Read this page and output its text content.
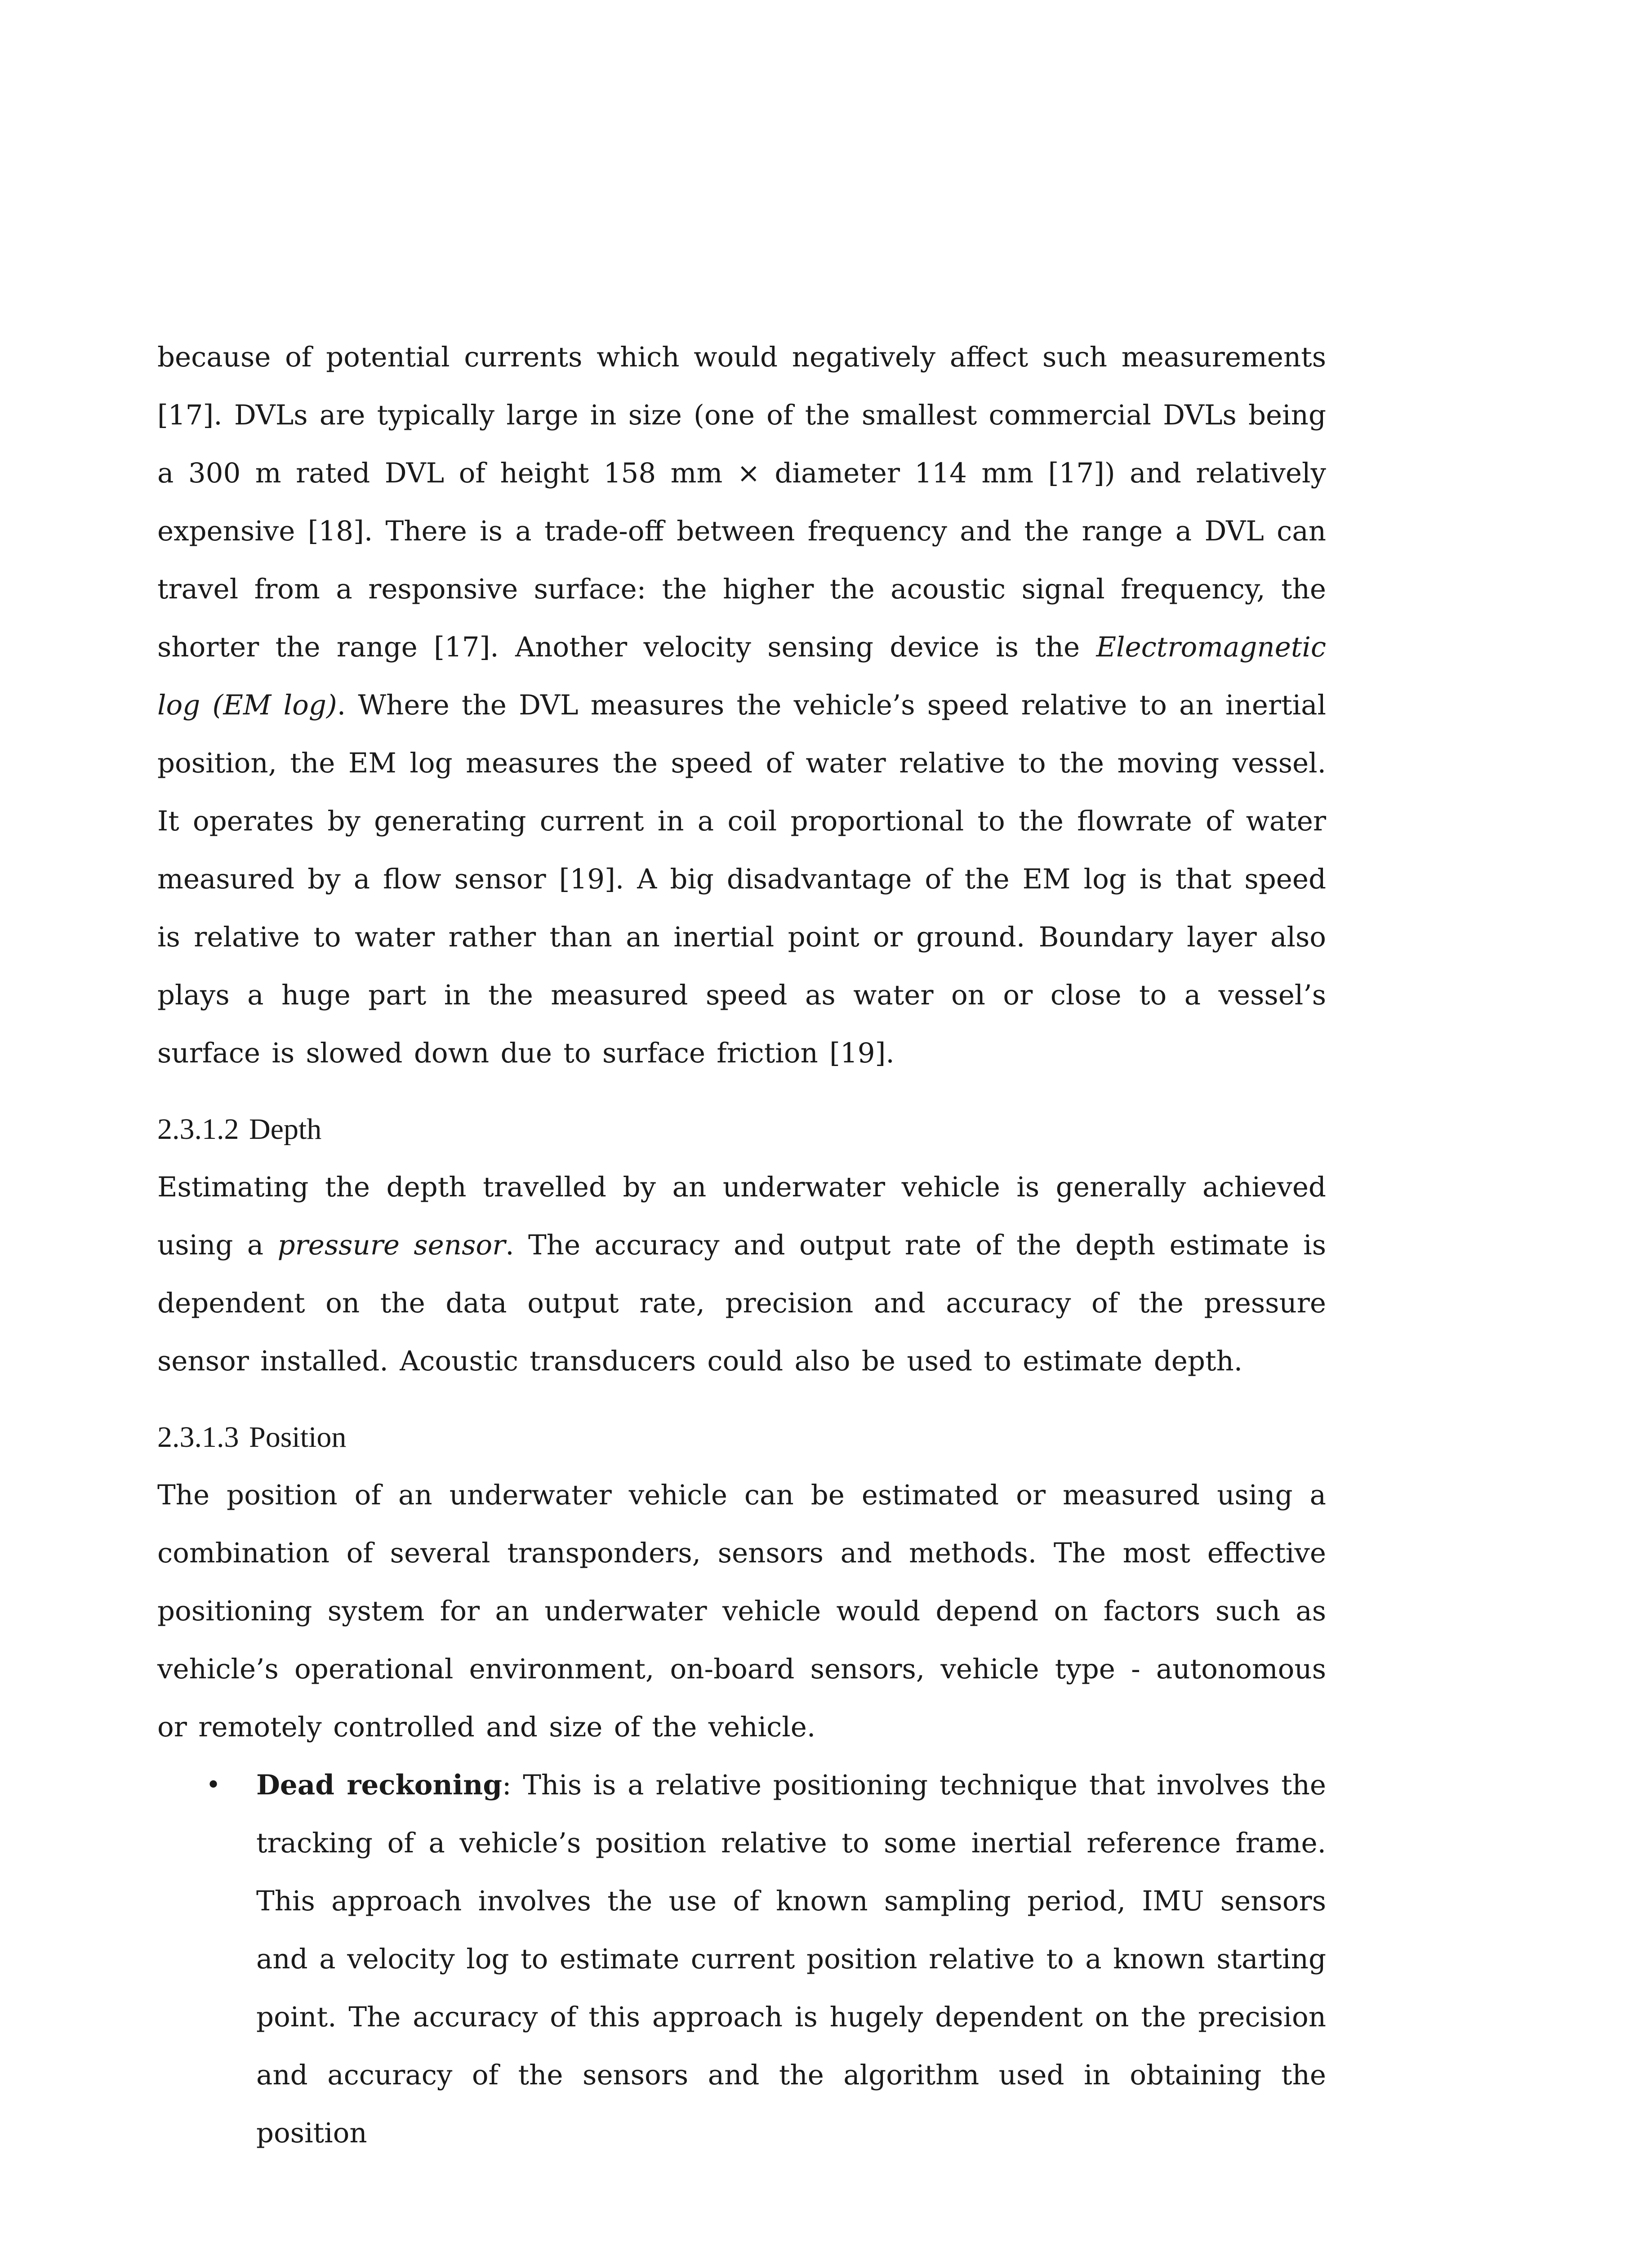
because of potential currents which would negatively affect such measurements [17]. DVLs are typically large in size (one of the smallest commercial DVLs being a 300 m rated DVL of height 158 mm × diameter 114 mm [17]) and relatively expensive [18]. There is a trade-off between frequency and the range a DVL can travel from a responsive surface: the higher the acoustic signal frequency, the shorter the range [17]. Another velocity sensing device is the Electromagnetic log (EM log). Where the DVL measures the vehicle’s speed relative to an inertial position, the EM log measures the speed of water relative to the moving vessel. It operates by generating current in a coil proportional to the flowrate of water measured by a flow sensor [19]. A big disadvantage of the EM log is that speed is relative to water rather than an inertial point or ground. Boundary layer also plays a huge part in the measured speed as water on or close to a vessel’s surface is slowed down due to surface friction [19].

2.3.1.2 Depth

Estimating the depth travelled by an underwater vehicle is generally achieved using a pressure sensor. The accuracy and output rate of the depth estimate is dependent on the data output rate, precision and accuracy of the pressure sensor installed. Acoustic transducers could also be used to estimate depth.

2.3.1.3 Position

The position of an underwater vehicle can be estimated or measured using a combination of several transponders, sensors and methods. The most effective positioning system for an underwater vehicle would depend on factors such as vehicle’s operational environment, on-board sensors, vehicle type - autonomous or remotely controlled and size of the vehicle.

• Dead reckoning: This is a relative positioning technique that involves the tracking of a vehicle’s position relative to some inertial reference frame. This approach involves the use of known sampling period, IMU sensors and a velocity log to estimate current position relative to a known starting point. The accuracy of this approach is hugely dependent on the precision and accuracy of the sensors and the algorithm used in obtaining the position
